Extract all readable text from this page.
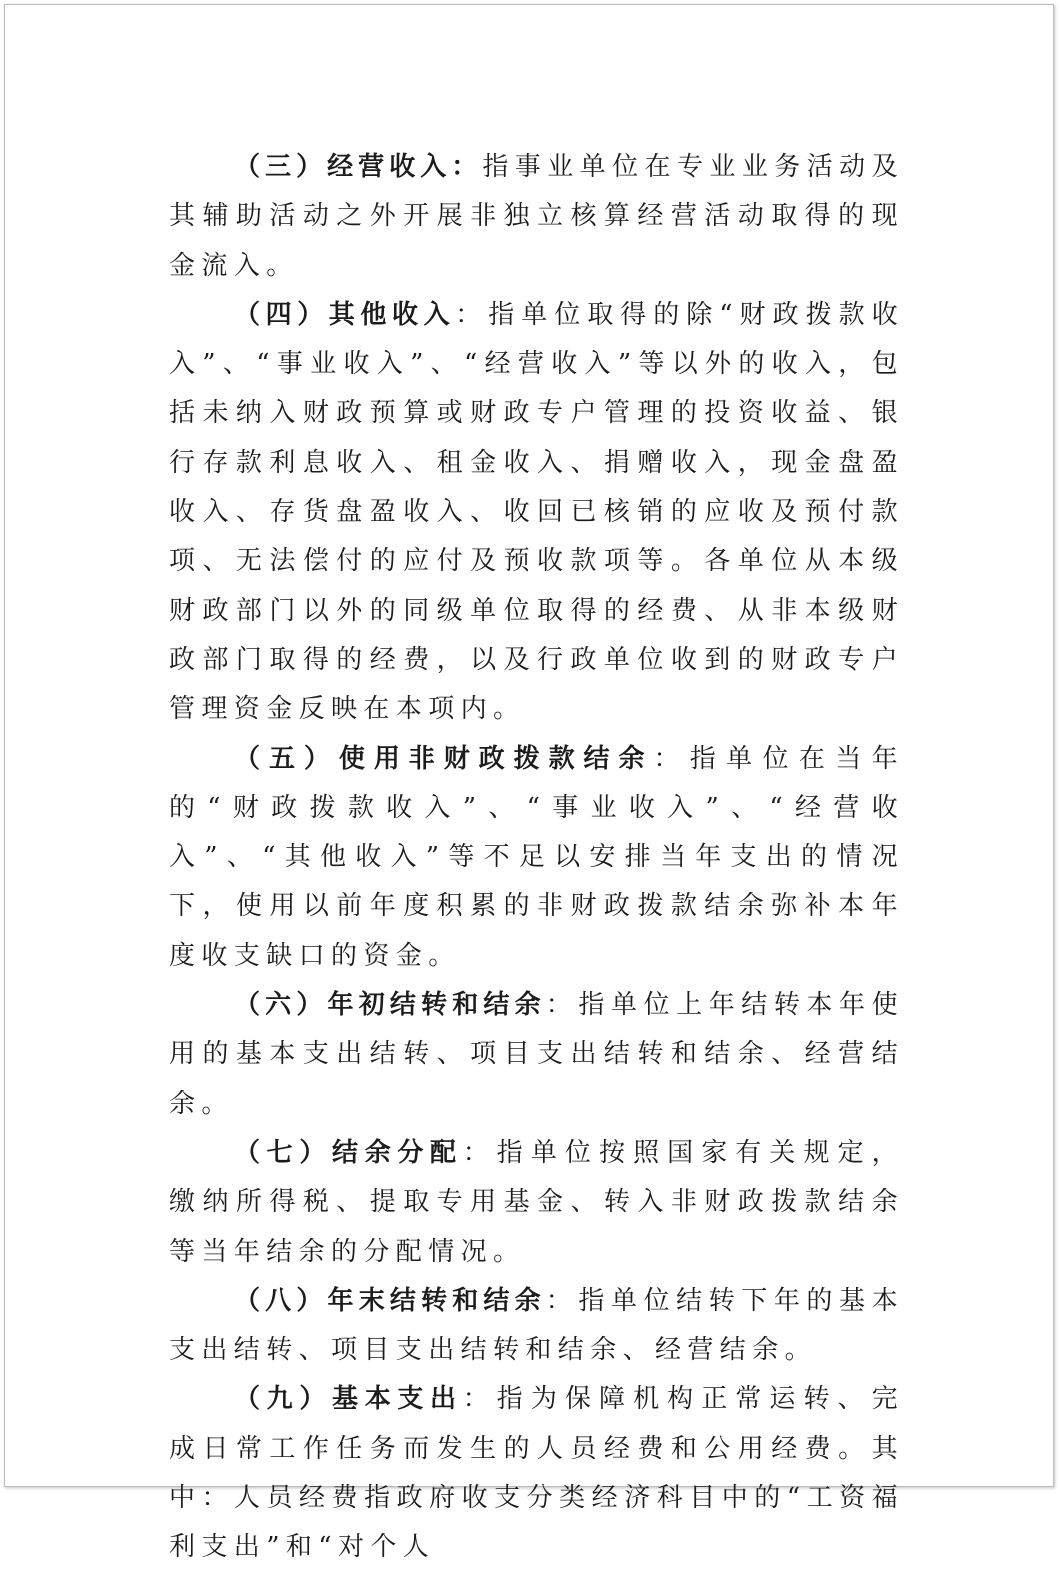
（三）经营收入：指事业单位在专业业务活动及其辅助活动之外开展非独立核算经营活动取得的现金流入。

（四）其他收入：指单位取得的除“财政拨款收入”、“事业收入”、“经营收入”等以外的收入，包括未纳入财政预算或财政专户管理的投资收益、银行存款利息收入、租金收入、捐赠收入，现金盘盈收入、存货盘盈收入、收回已核销的应收及预付款项、无法偿付的应付及预收款项等。各单位从本级财政部门以外的同级单位取得的经费、从非本级财政部门取得的经费，以及行政单位收到的财政专户管理资金反映在本项内。

（五）使用非财政拨款结余：指单位在当年的“财政拨款收入”、“事业收入”、“经营收入”、“其他收入”等不足以安排当年支出的情况下，使用以前年度积累的非财政拨款结余弥补本年度收支缺口的资金。

（六）年初结转和结余：指单位上年结转本年使用的基本支出结转、项目支出结转和结余、经营结余。

（七）结余分配：指单位按照国家有关规定，缴纳所得税、提取专用基金、转入非财政拨款结余等当年结余的分配情况。

（八）年末结转和结余：指单位结转下年的基本支出结转、项目支出结转和结余、经营结余。

（九）基本支出：指为保障机构正常运转、完成日常工作任务而发生的人员经费和公用经费。其中：人员经费指政府收支分类经济科目中的“工资福利支出”和“对个人
